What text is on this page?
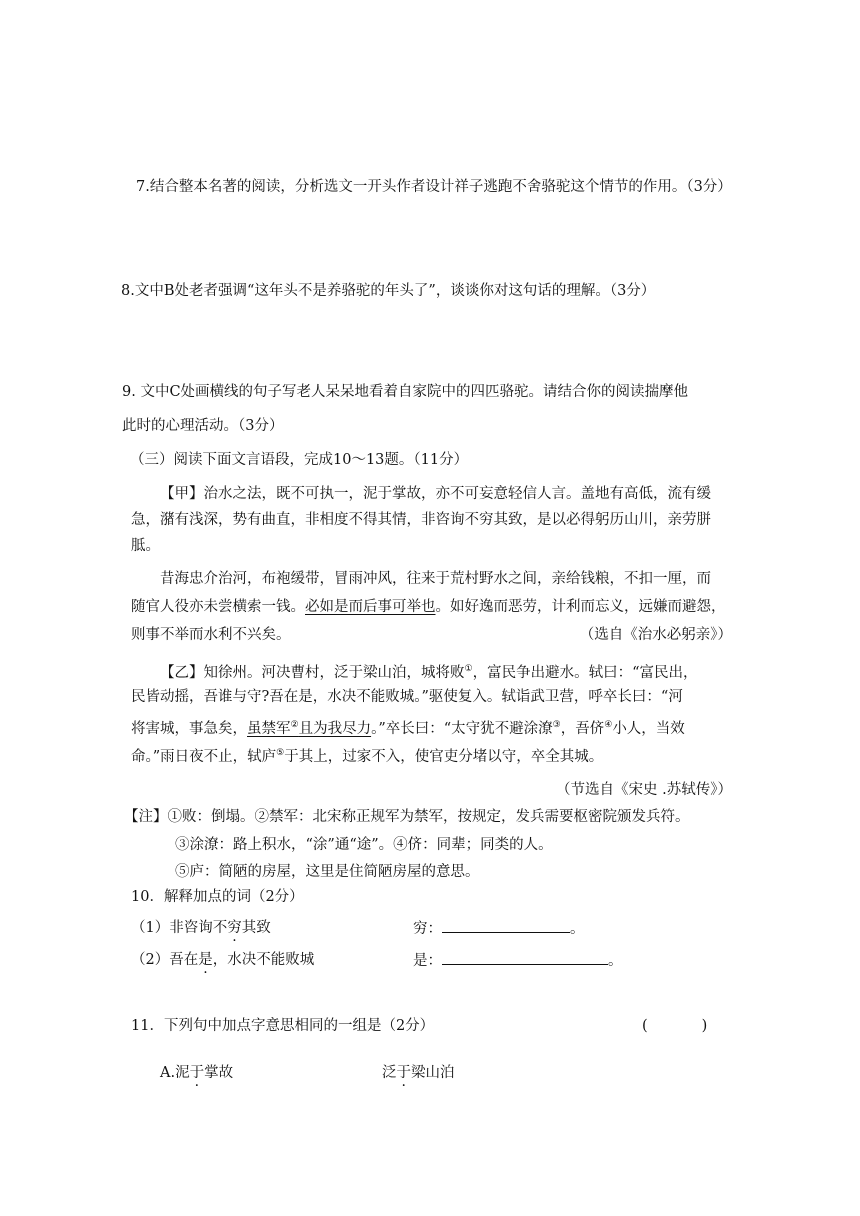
7.结合整本名著的阅读，分析选文一开头作者设计祥子逃跑不舍骆驼这个情节的作用。（3分）
8.文中B处老者强调“这年头不是养骆驼的年头了”，谈谈你对这句话的理解。（3分）
9. 文中C处画横线的句子写老人呆呆地看着自家院中的四匹骆驼。请结合你的阅读揣摩他
此时的心理活动。（3分）
（三）阅读下面文言语段，完成10～13题。（11分）
【甲】治水之法，既不可执一，泥于掌故，亦不可妄意轻信人言。盖地有高低，流有缓
急，潴有浅深，势有曲直，非相度不得其情，非咨询不穷其致，是以必得躬历山川，亲劳胼
胝。
昔海忠介治河，布袍缓带，冒雨冲风，往来于荒村野水之间，亲给钱粮，不扣一厘，而
随官人役亦未尝横索一钱。必如是而后事可举也。如好逸而恶劳，计利而忘义，远嫌而避怨，
则事不举而水利不兴矣。	（选自《治水必躬亲》）
【乙】知徐州。河决曹村，泛于梁山泊，城将败①，富民争出避水。轼曰：“富民出，
民皆动摇，吾谁与守?吾在是，水决不能败城。”驱使复入。轼诣武卫营，呼卒长曰：“河
将害城，事急矣，虽禁军②且为我尽力。”卒长曰：“太守犹不避涂潦③，吾侪④小人，当效
命。”雨日夜不止，轼庐⑤于其上，过家不入，使官吏分堵以守，卒全其城。
（节选自《宋史 .苏轼传》）
【注】①败：倒塌。②禁军：北宋称正规军为禁军，按规定，发兵需要枢密院颁发兵符。
③涂潦：路上积水，“涂”通“途”。④侪：同辈；同类的人。
⑤庐：简陋的房屋，这里是住简陋房屋的意思。
10．解释加点的词（2分）
（1）非咨询不穷其致	穷：	。
（2）吾在是，水决不能败城	是：	。
11．下列句中加点字意思相同的一组是（2分）	(	)
A.泥于掌故	泛于梁山泊
